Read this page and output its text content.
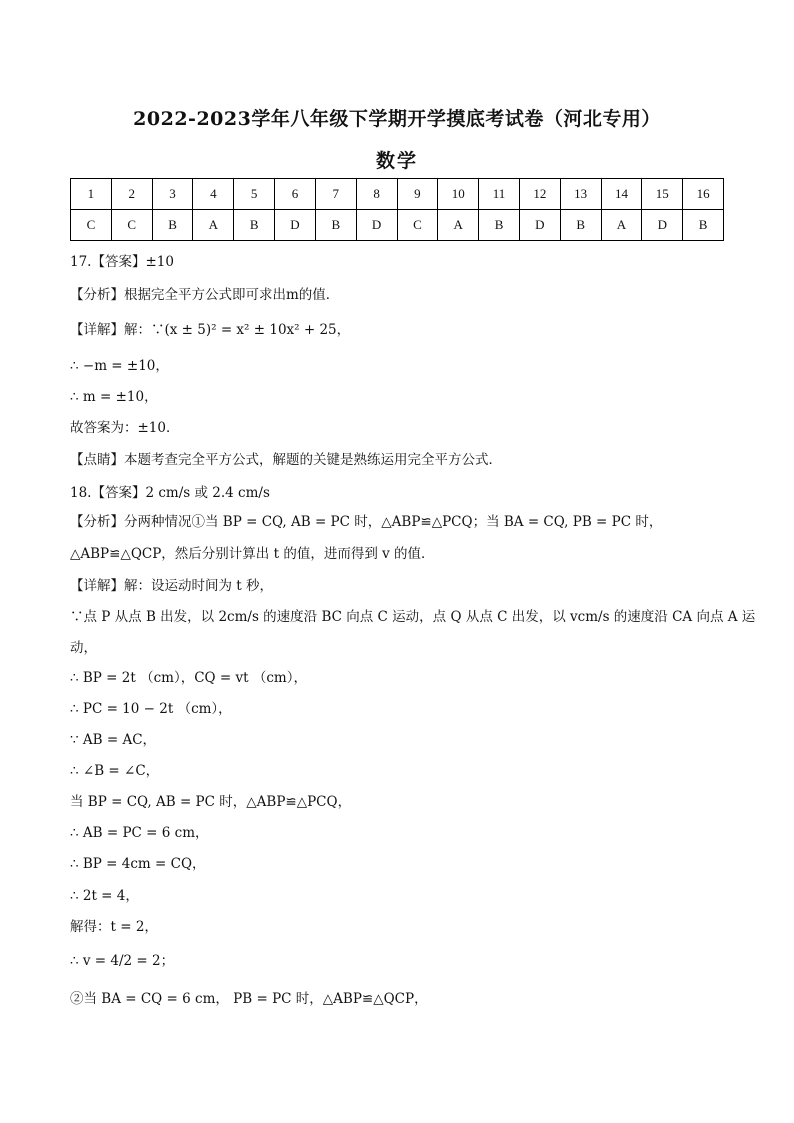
2022-2023学年八年级下学期开学摸底考试卷（河北专用）
数学
1	2	3	4	5	6	7	8	9	10	11	12	13	14	15	16
C	C	B	A	B	D	B	D	C	A	B	D	B	A	D	B
17.【答案】±10
【分析】根据完全平方公式即可求出m的值．
【详解】解：∵(x ± 5)² = x² ± 10x² + 25，
∴ −m = ±10，
∴ m = ±10，
故答案为：±10．
【点睛】本题考查完全平方公式，解题的关键是熟练运用完全平方公式．
18.【答案】2 cm/s 或 2.4 cm/s
【分析】分两种情况①当 BP = CQ, AB = PC 时，△ABP≌△PCQ；当 BA = CQ, PB = PC 时，
△ABP≌△QCP，然后分别计算出 t 的值，进而得到 v 的值．
【详解】解：设运动时间为 t 秒，
∵点 P 从点 B 出发，以 2cm/s 的速度沿 BC 向点 C 运动，点 Q 从点 C 出发，以 vcm/s 的速度沿 CA 向点 A 运
动，
∴ BP = 2t （cm），CQ = vt （cm），
∴ PC = 10 − 2t （cm），
∵ AB = AC，
∴ ∠B = ∠C，
当 BP = CQ, AB = PC 时，△ABP≌△PCQ，
∴ AB = PC = 6 cm，
∴ BP = 4cm = CQ，
∴ 2t = 4，
解得：t = 2，
∴ v = 4/2 = 2；
②当 BA = CQ = 6 cm， PB = PC 时，△ABP≌△QCP，
